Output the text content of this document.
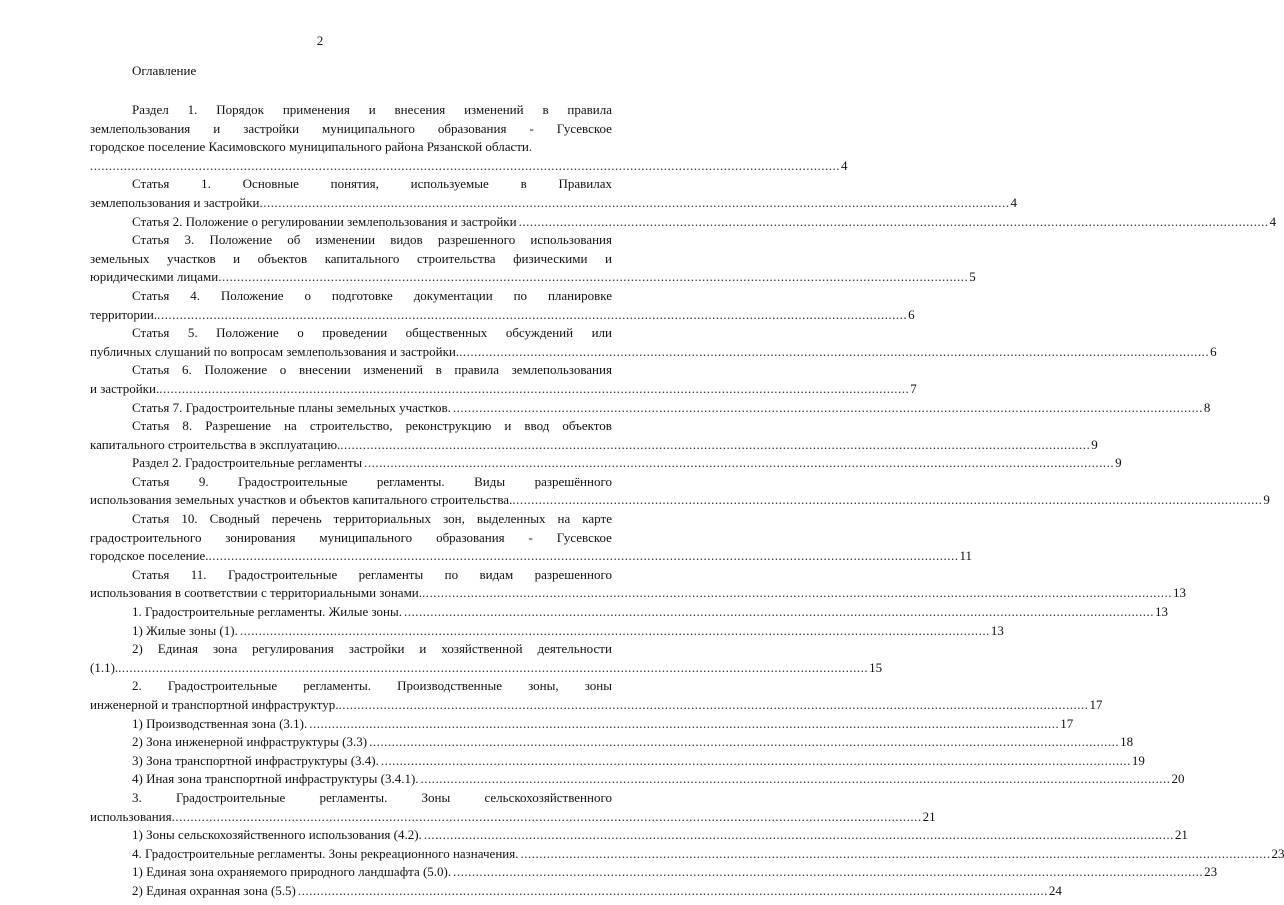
2
Оглавление
Раздел 1. Порядок применения и внесения изменений в правила
землепользования и застройки муниципального образования - Гусевское
городское поселение Касимовского муниципального района Рязанской области.
........................................................................................................................................................................................................ 4
Статья 1. Основные понятия, используемые в Правилах
землепользования и застройки ........................................................................................................................................................................................................ 4
Статья 2. Положение о регулировании землепользования и застройки ........................................................................................................................................................................................................ 4
Статья 3. Положение об изменении видов разрешенного использования
земельных участков и объектов капитального строительства физическими и
юридическими лицами ........................................................................................................................................................................................................ 5
Статья 4. Положение о подготовке документации по планировке
территории. ........................................................................................................................................................................................................ 6
Статья 5. Положение о проведении общественных обсуждений или
публичных слушаний по вопросам землепользования и застройки. ........................................................................................................................................................................................................ 6
Статья 6. Положение о внесении изменений в правила землепользования
и застройки. ........................................................................................................................................................................................................ 7
Статья 7. Градостроительные планы земельных участков. ........................................................................................................................................................................................................ 8
Статья 8. Разрешение на строительство, реконструкцию и ввод объектов
капитального строительства в эксплуатацию. ........................................................................................................................................................................................................ 9
Раздел 2. Градостроительные регламенты ........................................................................................................................................................................................................ 9
Статья 9. Градостроительные регламенты. Виды разрешённого
использования земельных участков и объектов капитального строительства. ........................................................................................................................................................................................................ 9
Статья 10. Сводный перечень территориальных зон, выделенных на карте
градостроительного зонирования муниципального образования - Гусевское
городское поселение. ........................................................................................................................................................................................................ 11
Статья 11. Градостроительные регламенты по видам разрешенного
использования в соответствии с территориальными зонами. ........................................................................................................................................................................................................ 13
1. Градостроительные регламенты. Жилые зоны. ........................................................................................................................................................................................................ 13
1) Жилые зоны (1). ........................................................................................................................................................................................................ 13
2) Единая зона регулирования застройки и хозяйственной деятельности
(1.1). ........................................................................................................................................................................................................ 15
2. Градостроительные регламенты. Производственные зоны, зоны
инженерной и транспортной инфраструктур. ........................................................................................................................................................................................................ 17
1) Производственная зона (3.1). ........................................................................................................................................................................................................ 17
2) Зона инженерной инфраструктуры (3.3) ........................................................................................................................................................................................................ 18
3) Зона транспортной инфраструктуры (3.4). ........................................................................................................................................................................................................ 19
4) Иная зона транспортной инфраструктуры (3.4.1). ........................................................................................................................................................................................................ 20
3.	Градостроительные	регламенты.	Зоны	сельскохозяйственного
использования ........................................................................................................................................................................................................ 21
1) Зоны сельскохозяйственного использования (4.2). ........................................................................................................................................................................................................ 21
4. Градостроительные регламенты. Зоны рекреационного назначения. ........................................................................................................................................................................................................ 23
1) Единая зона охраняемого природного ландшафта (5.0). ........................................................................................................................................................................................................ 23
2) Единая охранная зона (5.5) ........................................................................................................................................................................................................ 24
